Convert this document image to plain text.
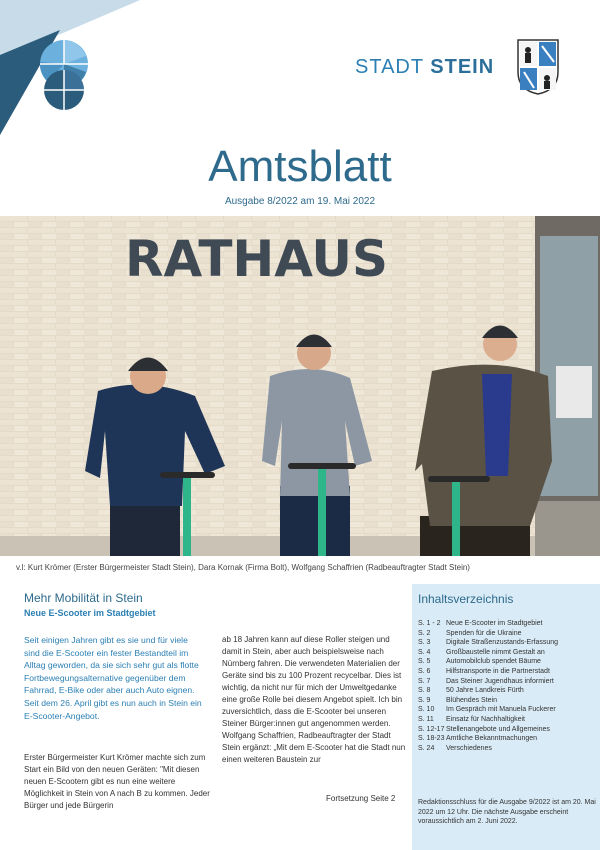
STADT STEIN
Amtsblatt
Ausgabe 8/2022 am 19. Mai 2022
RATHAUS
v.l: Kurt Krömer (Erster Bürgermeister Stadt Stein), Dara Kornak (Firma Bolt), Wolfgang Schaffrien (Radbeauftragter Stadt Stein)
Mehr Mobilität in Stein
Neue E-Scooter im Stadtgebiet
Seit einigen Jahren gibt es sie und für viele sind die E-Scooter ein fester Bestandteil im Alltag geworden, da sie sich sehr gut als flotte Fortbewegungsalternative gegenüber dem Fahrrad, E-Bike oder aber auch Auto eignen. Seit dem 26. April gibt es nun auch in Stein ein E-Scooter-Angebot.
Erster Bürgermeister Kurt Krömer machte sich zum Start ein Bild von den neuen Geräten: "Mit diesen neuen E-Scootern gibt es nun eine weitere Möglichkeit in Stein von A nach B zu kommen. Jeder Bürger und jede Bürgerin
ab 18 Jahren kann auf diese Roller steigen und damit in Stein, aber auch beispielsweise nach Nürnberg fahren. Die verwendeten Materialien der Geräte sind bis zu 100 Prozent recycelbar. Dies ist wichtig, da nicht nur für mich der Umweltgedanke eine große Rolle bei diesem Angebot spielt. Ich bin zuversichtlich, dass die E-Scooter bei unseren Steiner Bürger:innen gut angenommen werden. Wolfgang Schaffrien, Radbeauftragter der Stadt Stein ergänzt: „Mit dem E-Scooter hat die Stadt nun einen weiteren Baustein zur
Fortsetzung Seite 2
Inhaltsverzeichnis
S. 1 - 2 Neue E-Scooter im Stadtgebiet
S. 2	Spenden für die Ukraine
S. 3	Digitale Straßenzustands-Erfassung
S. 4	Großbaustelle nimmt Gestalt an
S. 5	Automobilclub spendet Bäume
S. 6	Hilfstransporte in die Partnerstadt
S. 7	Das Steiner Jugendhaus informiert
S. 8	50 Jahre Landkreis Fürth
S. 9	Blühendes Stein
S. 10	Im Gespräch mit Manuela Fuckerer
S. 11	Einsatz für Nachhaltigkeit
S. 12-17 Stellenangebote und Allgemeines
S. 18-23 Amtliche Bekanntmachungen
S. 24	Verschiedenes
Redaktionsschluss für die Ausgabe 9/2022 ist am 20. Mai 2022 um 12 Uhr. Die nächste Ausgabe erscheint voraussichtlich am 2. Juni 2022.
